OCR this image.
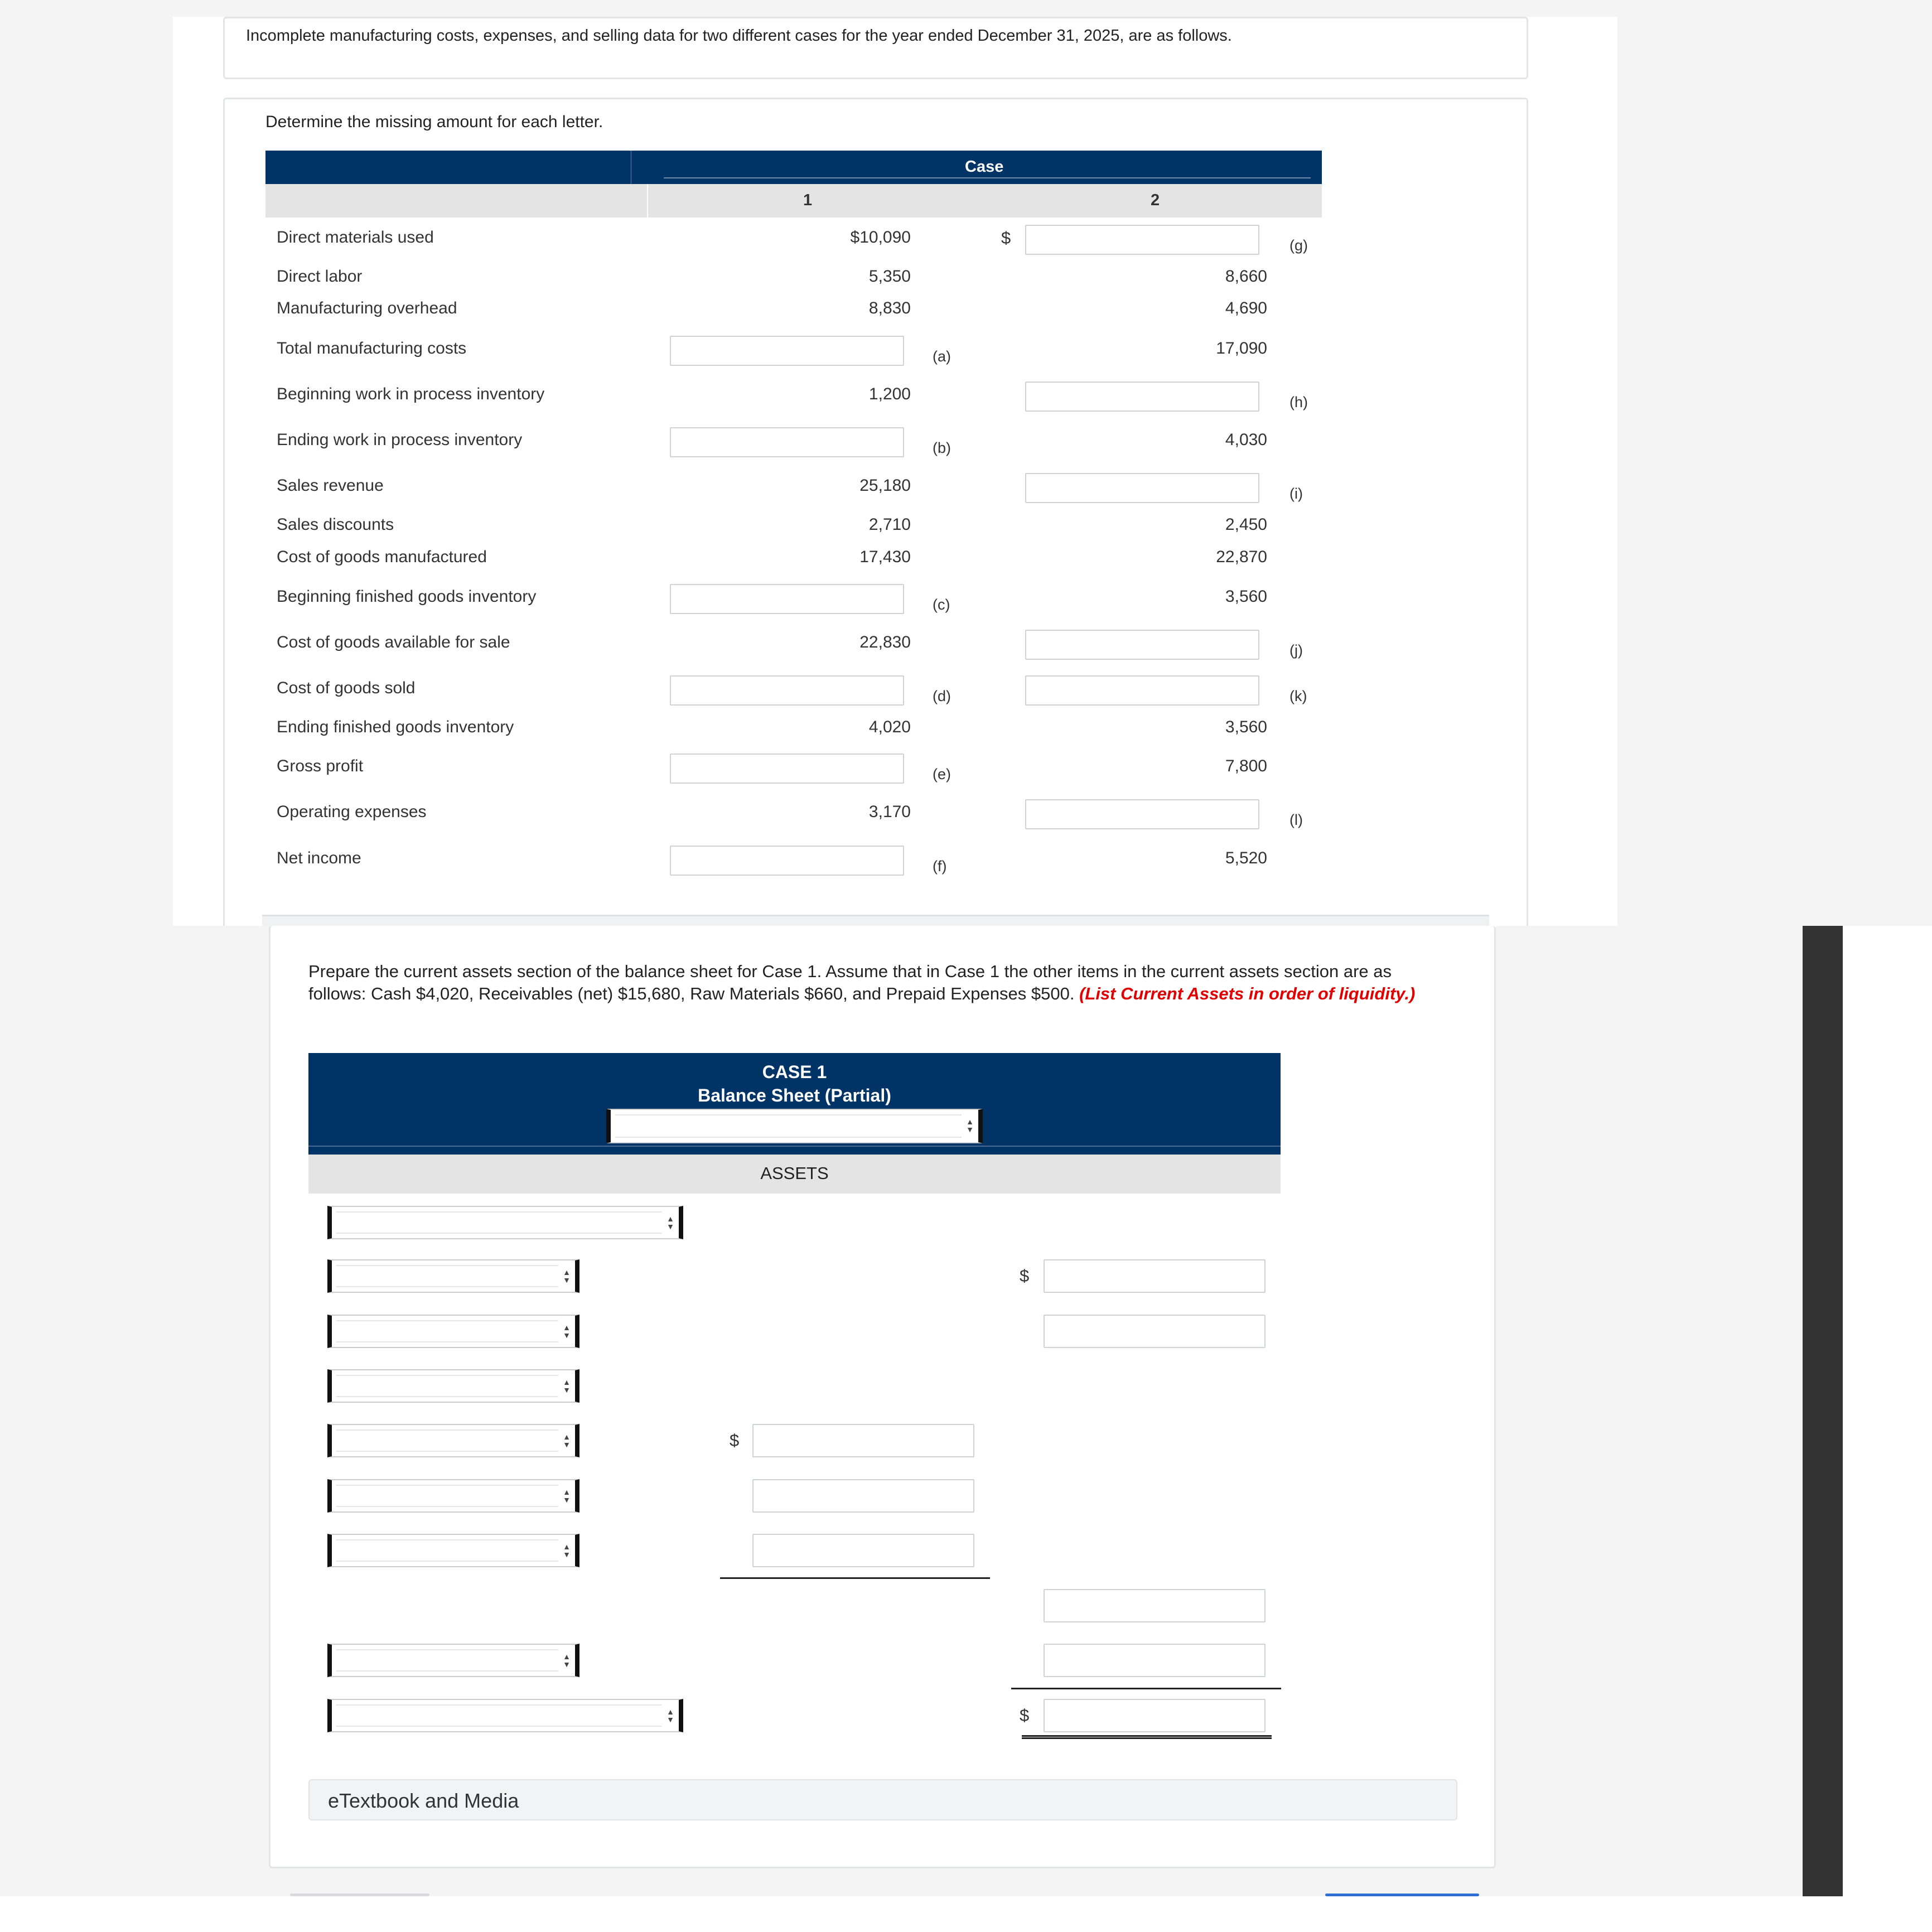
Incomplete manufacturing costs, expenses, and selling data for two different cases for the year ended December 31, 2025, are as follows.
Determine the missing amount for each letter.
Case
1	2
Direct materials used	$10,090	(g)
Direct labor	5,350	8,660
Manufacturing overhead	8,830	4,690
Total manufacturing costs	(a)	17,090
Beginning work in process inventory	1,200	(h)
Ending work in process inventory	(b)	4,030
Sales revenue	25,180	(i)
Sales discounts	2,710	2,450
Cost of goods manufactured	17,430	22,870
Beginning finished goods inventory	(c)	3,560
Cost of goods available for sale	22,830	(j)
Cost of goods sold	(d)	(k)
Ending finished goods inventory	4,020	3,560
Gross profit	(e)	7,800
Operating expenses	3,170	(l)
Net income	(f)	5,520
$
Prepare the current assets section of the balance sheet for Case 1. Assume that in Case 1 the other items in the current assets section are as follows: Cash $4,020, Receivables (net) $15,680, Raw Materials $660, and Prepaid Expenses $500. (List Current Assets in order of liquidity.)
CASE 1
Balance Sheet (Partial)
▲
▼
ASSETS
▲
▼
▲
▼	$
▲
▼
▲
▼
▲
▼	$
▲
▼
▲
▼
▲
▼
▲
▼	$
eTextbook and Media
